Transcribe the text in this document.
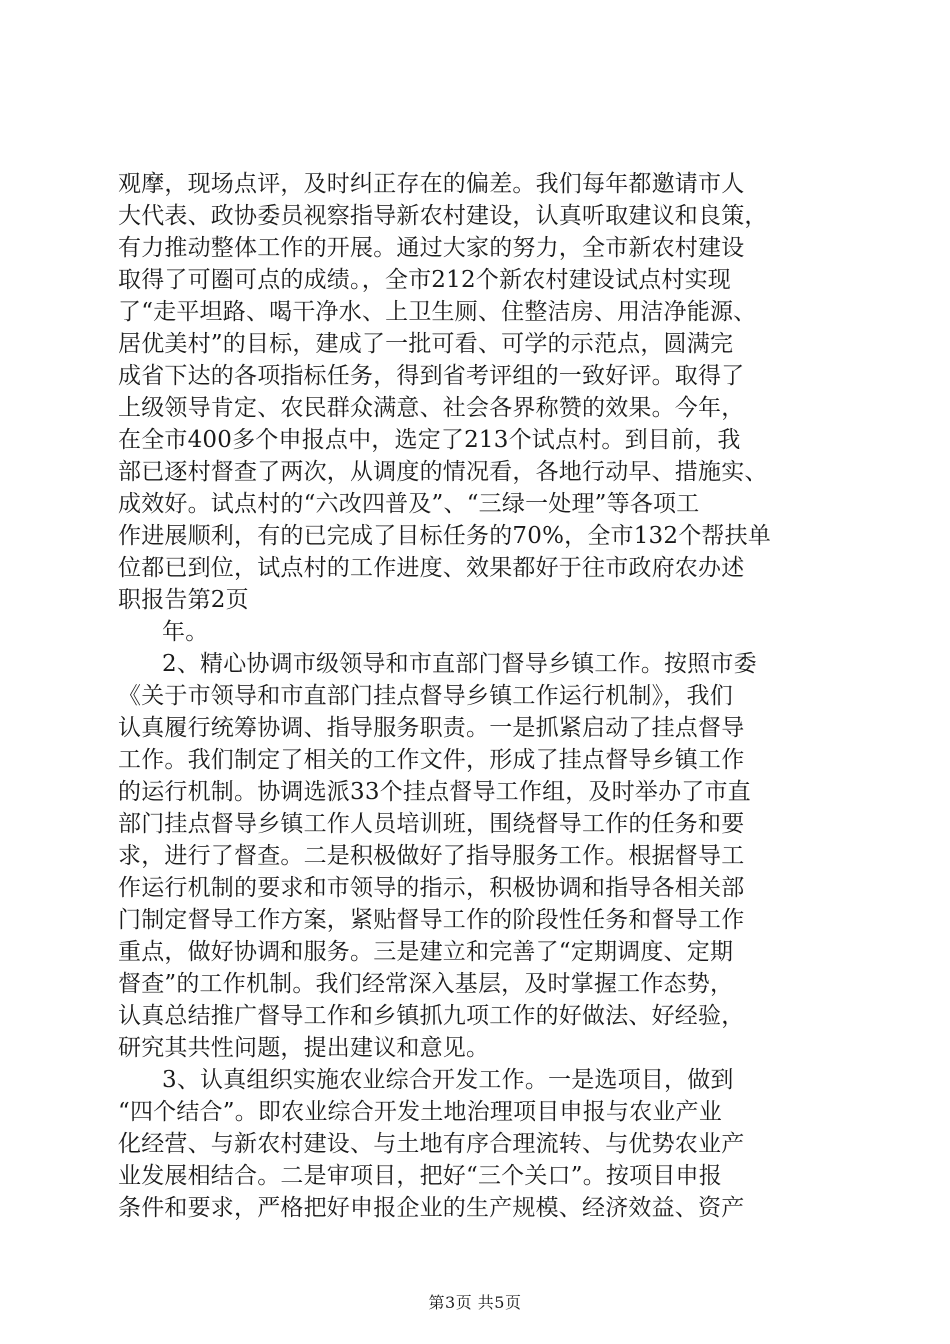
观摩，现场点评，及时纠正存在的偏差。我们每年都邀请市人
大代表、政协委员视察指导新农村建设，认真听取建议和良策，
有力推动整体工作的开展。通过大家的努力，全市新农村建设
取得了可圈可点的成绩。，全市212个新农村建设试点村实现
了“走平坦路、喝干净水、上卫生厕、住整洁房、用洁净能源、
居优美村”的目标，建成了一批可看、可学的示范点，圆满完
成省下达的各项指标任务，得到省考评组的一致好评。取得了
上级领导肯定、农民群众满意、社会各界称赞的效果。今年，
在全市400多个申报点中，选定了213个试点村。到目前，我
部已逐村督查了两次，从调度的情况看，各地行动早、措施实、
成效好。试点村的“六改四普及”、“三绿一处理”等各项工
作进展顺利，有的已完成了目标任务的70%，全市132个帮扶单
位都已到位，试点村的工作进度、效果都好于往市政府农办述
职报告第2页
年。
2、精心协调市级领导和市直部门督导乡镇工作。按照市委
《关于市领导和市直部门挂点督导乡镇工作运行机制》，我们
认真履行统筹协调、指导服务职责。一是抓紧启动了挂点督导
工作。我们制定了相关的工作文件，形成了挂点督导乡镇工作
的运行机制。协调选派33个挂点督导工作组，及时举办了市直
部门挂点督导乡镇工作人员培训班，围绕督导工作的任务和要
求，进行了督查。二是积极做好了指导服务工作。根据督导工
作运行机制的要求和市领导的指示，积极协调和指导各相关部
门制定督导工作方案，紧贴督导工作的阶段性任务和督导工作
重点，做好协调和服务。三是建立和完善了“定期调度、定期
督查”的工作机制。我们经常深入基层，及时掌握工作态势，
认真总结推广督导工作和乡镇抓九项工作的好做法、好经验，
研究其共性问题，提出建议和意见。
3、认真组织实施农业综合开发工作。一是选项目，做到
“四个结合”。即农业综合开发土地治理项目申报与农业产业
化经营、与新农村建设、与土地有序合理流转、与优势农业产
业发展相结合。二是审项目，把好“三个关口”。按项目申报
条件和要求，严格把好申报企业的生产规模、经济效益、资产
第3页 共5页
